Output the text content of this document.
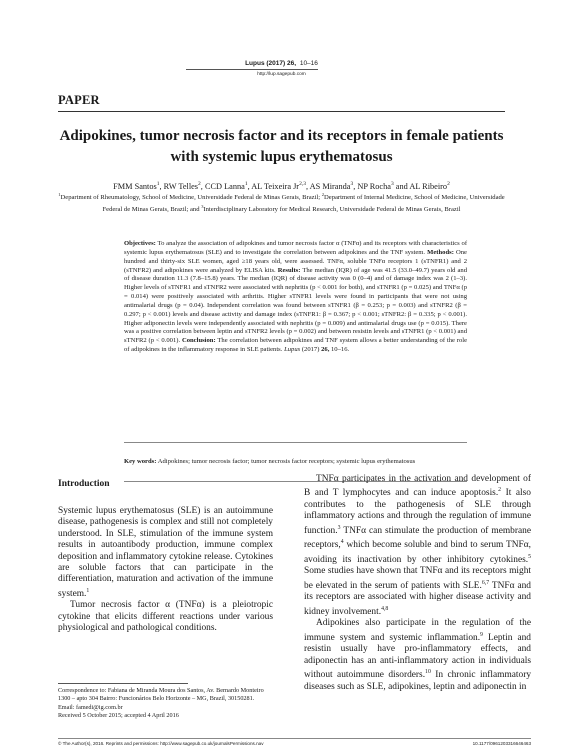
Lupus (2017) 26, 10–16
http://lup.sagepub.com
PAPER
Adipokines, tumor necrosis factor and its receptors in female patients with systemic lupus erythematosus
FMM Santos$^1$, RW Telles$^2$, CCD Lanna$^1$, AL Teixeira Jr$^{2,3}$, AS Miranda$^3$, NP Rocha$^3$ and AL Ribeiro$^2$
$^1$Department of Rheumatology, School of Medicine, Universidade Federal de Minas Gerais, Brazil; $^2$Department of Internal Medicine, School of Medicine, Universidade Federal de Minas Gerais, Brazil; and $^3$Interdisciplinary Laboratory for Medical Research, Universidade Federal de Minas Gerais, Brazil
Objectives: To analyze the association of adipokines and tumor necrosis factor α (TNFα) and its receptors with characteristics of systemic lupus erythematosus (SLE) and to investigate the correlation between adipokines and the TNF system. Methods: One hundred and thirty-six SLE women, aged ≥18 years old, were assessed. TNFα, soluble TNFα receptors 1 (sTNFR1) and 2 (sTNFR2) and adipokines were analyzed by ELISA kits. Results: The median (IQR) of age was 41.5 (33.0–49.7) years old and of disease duration 11.3 (7.8–15.8) years. The median (IQR) of disease activity was 0 (0–4) and of damage index was 2 (1–3). Higher levels of sTNFR1 and sTNFR2 were associated with nephritis (p < 0.001 for both), and sTNFR1 (p = 0.025) and TNFα (p = 0.014) were positively associated with arthritis. Higher sTNFR1 levels were found in participants that were not using antimalarial drugs (p = 0.04). Independent correlation was found between sTNFR1 (β = 0.253; p = 0.003) and sTNFR2 (β = 0.297; p < 0.001) levels and disease activity and damage index (sTNFR1: β = 0.367; p < 0.001; sTNFR2: β = 0.335; p < 0.001). Higher adiponectin levels were independently associated with nephritis (p = 0.009) and antimalarial drugs use (p = 0.015). There was a positive correlation between leptin and sTNFR2 levels (p = 0.002) and between resistin levels and sTNFR1 (p < 0.001) and sTNFR2 (p < 0.001). Conclusion: The correlation between adipokines and TNF system allows a better understanding of the role of adipokines in the inflammatory response in SLE patients. Lupus (2017) 26, 10–16.
Key words: Adipokines; tumor necrosis factor; tumor necrosis factor receptors; systemic lupus erythematosus
Introduction

Systemic lupus erythematosus (SLE) is an autoimmune disease, pathogenesis is complex and still not completely understood. In SLE, stimulation of the immune system results in autoantibody production, immune complex deposition and inflammatory cytokine release. Cytokines are soluble factors that can participate in the differentiation, maturation and activation of the immune system.$^1$

Tumor necrosis factor α (TNFα) is a pleiotropic cytokine that elicits different reactions under various physiological and pathological conditions.

TNFα participates in the activation and development of B and T lymphocytes and can induce apoptosis.$^2$ It also contributes to the pathogenesis of SLE through inflammatory actions and through the regulation of immune function.$^3$ TNFα can stimulate the production of membrane receptors,$^4$ which become soluble and bind to serum TNFα, avoiding its inactivation by other inhibitory cytokines.$^5$ Some studies have shown that TNFα and its receptors might be elevated in the serum of patients with SLE.$^{6,7}$ TNFα and its receptors are associated with higher disease activity and kidney involvement.$^{4,8}$

Adipokines also participate in the regulation of the immune system and systemic inflammation.$^9$ Leptin and resistin usually have pro-inflammatory effects, and adiponectin has an anti-inflammatory action in individuals without autoimmune disorders.$^{10}$ In chronic inflammatory diseases such as SLE, adipokines, leptin and adiponectin in

Correspondence to: Fabiana de Miranda Moura dos Santos, Av. Bernardo Monteiro 1300 – apto 304 Bairro: Funcionários Belo Horizonte – MG, Brazil, 30150281.
Email: famedi@ig.com.br
Received 5 October 2015; accepted 4 April 2016
© The Author(s), 2016. Reprints and permissions: http://www.sagepub.co.uk/journalsPermissions.nav	10.1177/0961203316646463
